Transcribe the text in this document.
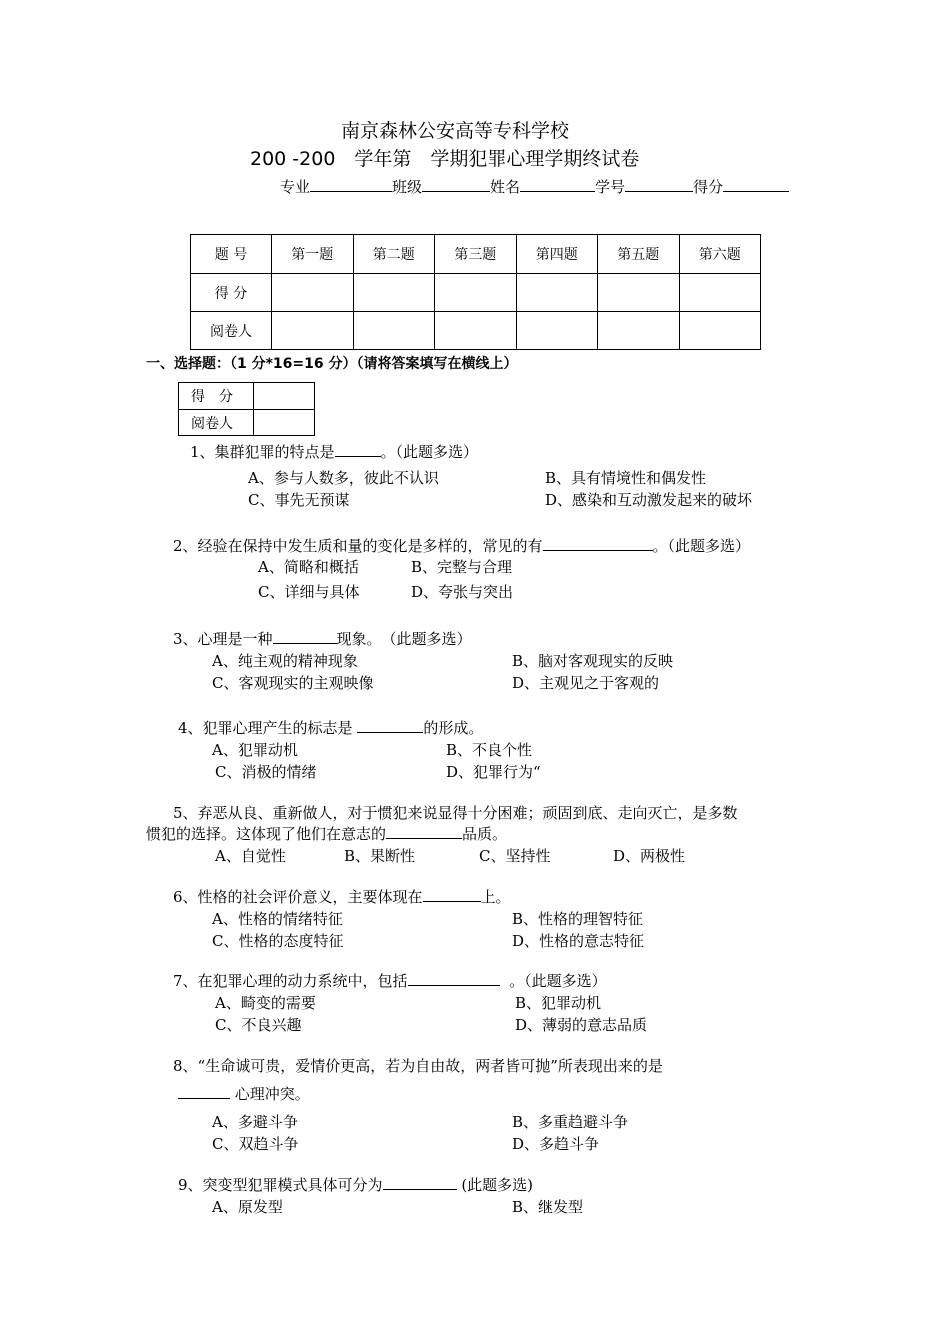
南京森林公安高等专科学校
200 -200　学年第　学期犯罪心理学期终试卷
专业	班级	姓名	学号	得分
题 号	第一题	第二题	第三题	第四题	第五题	第六题
得 分						
阅卷人						
一、选择题：（1 分*16=16 分）（请将答案填写在横线上）
得　分	
阅卷人	
1、集群犯罪的特点是	。（此题多选）
A、参与人数多，彼此不认识	B、具有情境性和偶发性
C、事先无预谋	D、感染和互动激发起来的破坏
2、经验在保持中发生质和量的变化是多样的，常见的有	。（此题多选）
A、简略和概括	B、完整与合理
C、详细与具体	D、夸张与突出
3、心理是一种	现象。　（此题多选）
A、纯主观的精神现象	B、脑对客观现实的反映
C、客观现实的主观映像	D、主观见之于客观的
4、犯罪心理产生的标志是	的形成。
A、犯罪动机	B、不良个性
C、消极的情绪	D、犯罪行为“
5、弃恶从良、重新做人，对于惯犯来说显得十分困难；顽固到底、走向灭亡，是多数
惯犯的选择。这体现了他们在意志的	品质。
A、自觉性	B、果断性	C、坚持性	D、两极性
6、性格的社会评价意义，主要体现在	上。
A、性格的情绪特征	B、性格的理智特征
C、性格的态度特征	D、性格的意志特征
7、在犯罪心理的动力系统中，包括	。（此题多选）
A、畸变的需要	B、犯罪动机
C、不良兴趣	D、薄弱的意志品质
8、“生命诚可贵，爱情价更高，若为自由故，两者皆可抛”所表现出来的是
心理冲突。
A、多避斗争	B、多重趋避斗争
C、双趋斗争	D、多趋斗争
9、突变型犯罪模式具体可分为	(此题多选)
A、原发型	B、继发型
